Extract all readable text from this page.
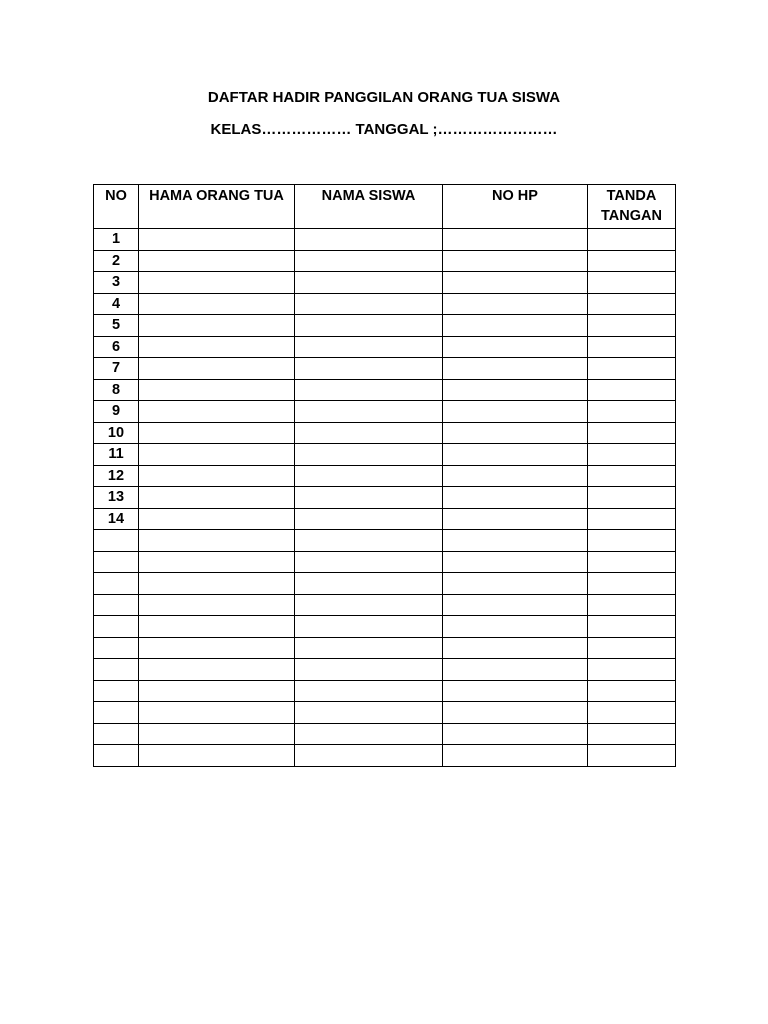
DAFTAR HADIR PANGGILAN ORANG TUA SISWA
KELAS……………… TANGGAL ;……………………
NO	HAMA ORANG TUA	NAMA SISWA	NO HP	TANDA TANGAN
1				
2				
3				
4				
5				
6				
7				
8				
9				
10				
11				
12				
13				
14				
